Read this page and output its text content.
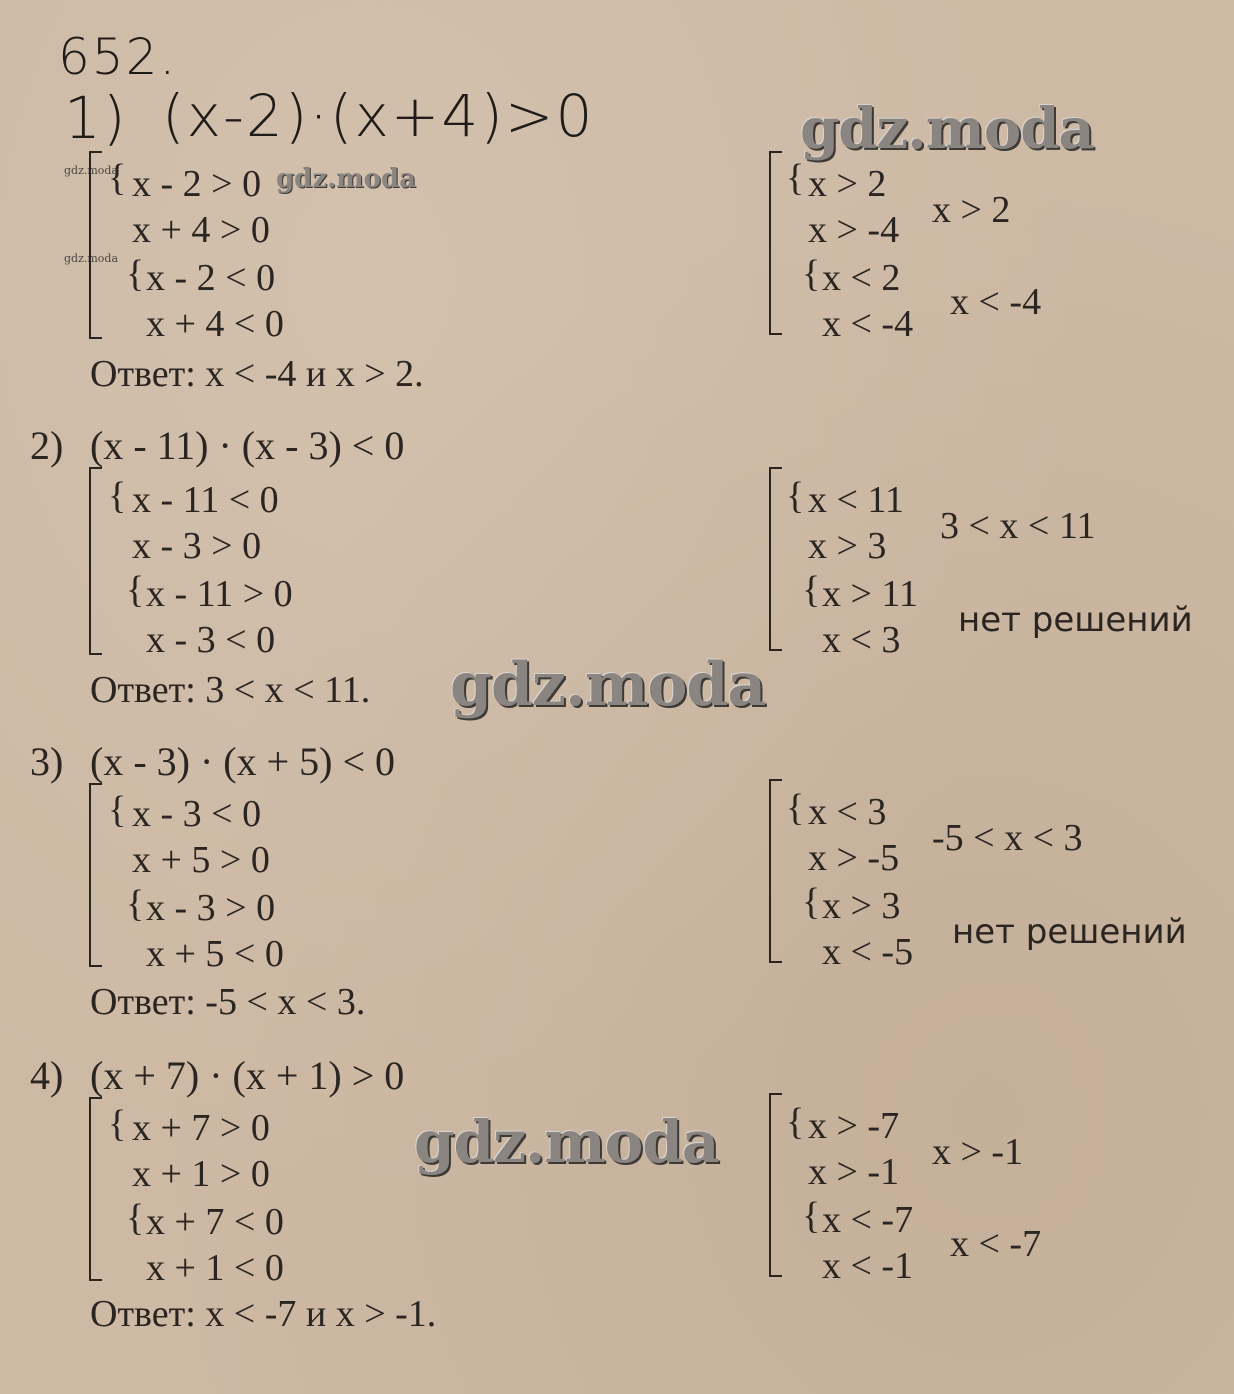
652.
1) (x-2)·(x+4)>0	gdz.moda
gdz.moda
gdz.moda
gdz.moda
gdz.moda
gdz.moda
{ x - 2 > 0
x + 4 > 0
{ x - 2 < 0
x + 4 < 0
{ x > 2
x > -4 x > 2
{ x < 2
x < -4
x < -4
Ответ: x < -4 и x > 2.
2) (x - 11) · (x - 3) < 0
{ x - 11 < 0
x - 3 > 0
{ x - 11 > 0
x - 3 < 0
{ x < 11
x > 3 3 < x < 11
{ x > 11
x < 3 нет решений
Ответ: 3 < x < 11.
3) (x - 3) · (x + 5) < 0
{ x - 3 < 0
x + 5 > 0
{ x - 3 > 0
x + 5 < 0
{ x < 3
x > -5 -5 < x < 3
{ x > 3
x < -5 нет решений
Ответ: -5 < x < 3.
4) (x + 7) · (x + 1) > 0
{ x + 7 > 0
x + 1 > 0
{ x + 7 < 0
x + 1 < 0
{ x > -7
x > -1 x > -1
{ x < -7
x < -1
x < -7
Ответ: x < -7 и x > -1.
